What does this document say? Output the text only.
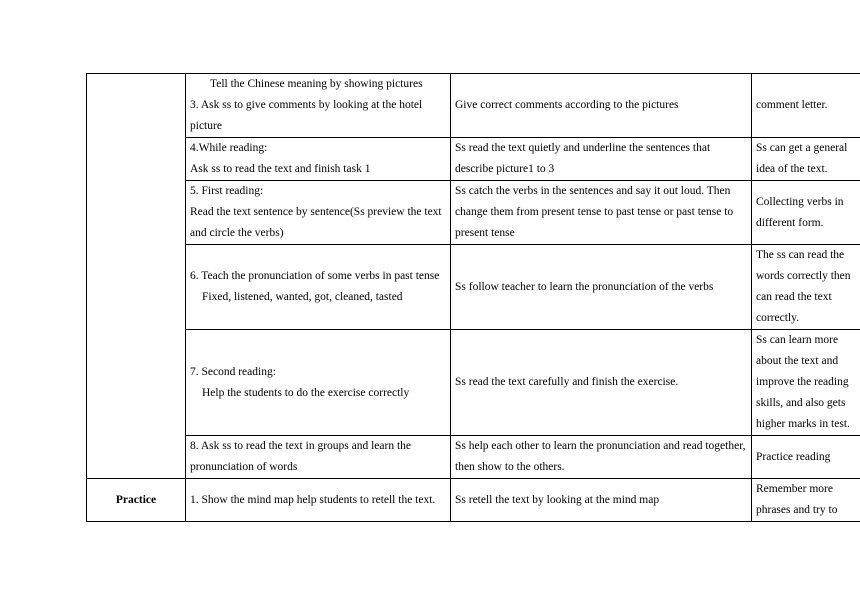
	Tell the Chinese meaning by showing pictures
3. Ask ss to give comments by looking at the hotel picture	Give correct comments according to the pictures	comment letter.

	4.While reading:
Ask ss to read the text and finish task 1	Ss read the text quietly and underline the sentences that describe picture1 to 3	Ss can get a general idea of the text.

	5. First reading:
Read the text sentence by sentence(Ss preview the text and circle the verbs)	Ss catch the verbs in the sentences and say it out loud. Then change them from present tense to past tense or past tense to present tense	Collecting verbs in different form.

	6. Teach the pronunciation of some verbs in past tense
Fixed, listened, wanted, got, cleaned, tasted	Ss follow teacher to learn the pronunciation of the verbs	The ss can read the words correctly then can read the text correctly.

	7. Second reading:
Help the students to do the exercise correctly	Ss read the text carefully and finish the exercise.	Ss can learn more about the text and improve the reading skills, and also gets higher marks in test.

	8. Ask ss to read the text in groups and learn the pronunciation of words	Ss help each other to learn the pronunciation and read together, then show to the others.	Practice reading
Practice	1. Show the mind map help students to retell the text.	Ss retell the text by looking at the mind map	Remember more phrases and try to
